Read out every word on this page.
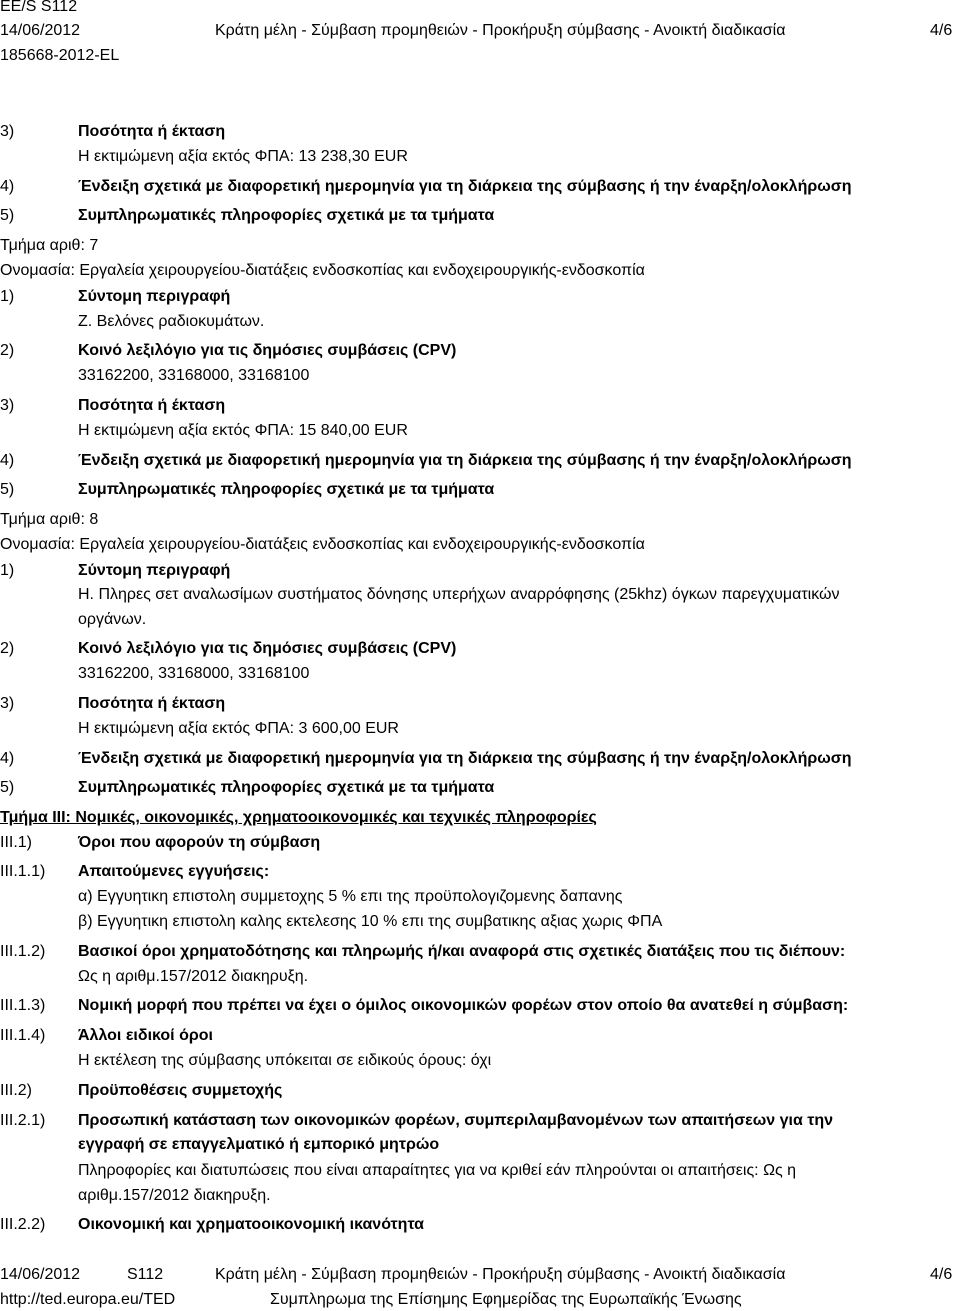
EE/S S112
14/06/2012	Κράτη μέλη - Σύμβαση προμηθειών - Προκήρυξη σύμβασης - Ανοικτή διαδικασία	4/6
185668-2012-EL
3)	Ποσότητα ή έκταση
Η εκτιμώμενη αξία εκτός ΦΠΑ: 13 238,30 EUR
4)	Ένδειξη σχετικά με διαφορετική ημερομηνία για τη διάρκεια της σύμβασης ή την έναρξη/ολοκλήρωση
5)	Συμπληρωματικές πληροφορίες σχετικά με τα τμήματα
Τμήμα αριθ: 7
Ονομασία: Εργαλεία χειρουργείου-διατάξεις ενδοσκοπίας και ενδοχειρουργικής-ενδοσκοπία
1)	Σύντομη περιγραφή
Ζ. Βελόνες ραδιοκυμάτων.
2)	Κοινό λεξιλόγιο για τις δημόσιες συμβάσεις (CPV)
33162200, 33168000, 33168100
3)	Ποσότητα ή έκταση
Η εκτιμώμενη αξία εκτός ΦΠΑ: 15 840,00 EUR
4)	Ένδειξη σχετικά με διαφορετική ημερομηνία για τη διάρκεια της σύμβασης ή την έναρξη/ολοκλήρωση
5)	Συμπληρωματικές πληροφορίες σχετικά με τα τμήματα
Τμήμα αριθ: 8
Ονομασία: Εργαλεία χειρουργείου-διατάξεις ενδοσκοπίας και ενδοχειρουργικής-ενδοσκοπία
1)	Σύντομη περιγραφή
Η. Πληρες σετ αναλωσίμων συστήματος δόνησης υπερήχων αναρρόφησης (25khz) όγκων παρεγχυματικών
οργάνων.
2)	Κοινό λεξιλόγιο για τις δημόσιες συμβάσεις (CPV)
33162200, 33168000, 33168100
3)	Ποσότητα ή έκταση
Η εκτιμώμενη αξία εκτός ΦΠΑ: 3 600,00 EUR
4)	Ένδειξη σχετικά με διαφορετική ημερομηνία για τη διάρκεια της σύμβασης ή την έναρξη/ολοκλήρωση
5)	Συμπληρωματικές πληροφορίες σχετικά με τα τμήματα
Τμήμα III: Νομικές, οικονομικές, χρηματοοικονομικές και τεχνικές πληροφορίες
III.1)	Όροι που αφορούν τη σύμβαση
III.1.1) Απαιτούμενες εγγυήσεις:
α) Εγγυητικη επιστολη συμμετοχης 5 % επι της προϋπολογιζομενης δαπανης
β) Εγγυητικη επιστολη καλης εκτελεσης 10 % επι της συμβατικης αξιας χωρις ΦΠΑ
III.1.2) Βασικοί όροι χρηματοδότησης και πληρωμής ή/και αναφορά στις σχετικές διατάξεις που τις διέπουν:
Ως η αριθμ.157/2012 διακηρυξη.
III.1.3) Νομική μορφή που πρέπει να έχει ο όμιλος οικονομικών φορέων στον οποίο θα ανατεθεί η σύμβαση:
III.1.4) Άλλοι ειδικοί όροι
Η εκτέλεση της σύμβασης υπόκειται σε ειδικούς όρους: όχι
III.2)	Προϋποθέσεις συμμετοχής
III.2.1) Προσωπική κατάσταση των οικονομικών φορέων, συμπεριλαμβανομένων των απαιτήσεων για την
εγγραφή σε επαγγελματικό ή εμπορικό μητρώο
Πληροφορίες και διατυπώσεις που είναι απαραίτητες για να κριθεί εάν πληρούνται οι απαιτήσεις: Ως η
αριθμ.157/2012 διακηρυξη.
III.2.2) Οικονομική και χρηματοοικονομική ικανότητα
14/06/2012	S112	Κράτη μέλη - Σύμβαση προμηθειών - Προκήρυξη σύμβασης - Ανοικτή διαδικασία	4/6
http://ted.europa.eu/TED	Συμπληρωμα της Επίσημης Εφημερίδας της Ευρωπαϊκής Ένωσης
